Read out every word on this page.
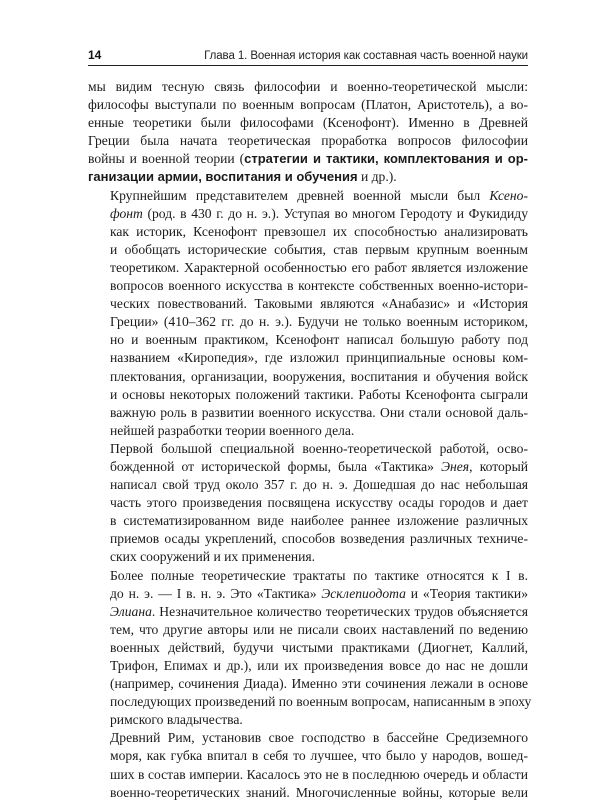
14	Глава 1. Военная история как составная часть военной науки

мы видим тесную связь философии и военно-теоретической мысли:
философы выступали по военным вопросам (Платон, Аристотель), а во-
енные теоретики были философами (Ксенофонт). Именно в Древней
Греции была начата теоретическая проработка вопросов философии
войны и военной теории (стратегии и тактики, комплектования и ор-
ганизации армии, воспитания и обучения и др.).

Крупнейшим представителем древней военной мысли был Ксено-
фонт (род. в 430 г. до н. э.). Уступая во многом Геродоту и Фукидиду
как историк, Ксенофонт превзошел их способностью анализировать
и обобщать исторические события, став первым крупным военным
теоретиком. Характерной особенностью его работ является изложение
вопросов военного искусства в контексте собственных военно-истори-
ческих повествований. Таковыми являются «Анабазис» и «История
Греции» (410–362 гг. до н. э.). Будучи не только военным историком,
но и военным практиком, Ксенофонт написал большую работу под
названием «Киропедия», где изложил принципиальные основы ком-
плектования, организации, вооружения, воспитания и обучения войск
и основы некоторых положений тактики. Работы Ксенофонта сыграли
важную роль в развитии военного искусства. Они стали основой даль-
нейшей разработки теории военного дела.

Первой большой специальной военно-теоретической работой, осво-
божденной от исторической формы, была «Тактика» Энея, который
написал свой труд около 357 г. до н. э. Дошедшая до нас небольшая
часть этого произведения посвящена искусству осады городов и дает
в систематизированном виде наиболее раннее изложение различных
приемов осады укреплений, способов возведения различных техниче-
ских сооружений и их применения.

Более полные теоретические трактаты по тактике относятся к I в.
до н. э. — I в. н. э. Это «Тактика» Эсклепиодота и «Теория тактики»
Элиана. Незначительное количество теоретических трудов объясняется
тем, что другие авторы или не писали своих наставлений по ведению
военных действий, будучи чистыми практиками (Диогнет, Каллий,
Трифон, Епимах и др.), или их произведения вовсе до нас не дошли
(например, сочинения Диада). Именно эти сочинения лежали в основе
последующих произведений по военным вопросам, написанным в эпоху
римского владычества.

Древний Рим, установив свое господство в бассейне Средиземного
моря, как губка впитал в себя то лучшее, что было у народов, вошед-
ших в состав империи. Касалось это не в последнюю очередь и области
военно-теоретических знаний. Многочисленные войны, которые вели
